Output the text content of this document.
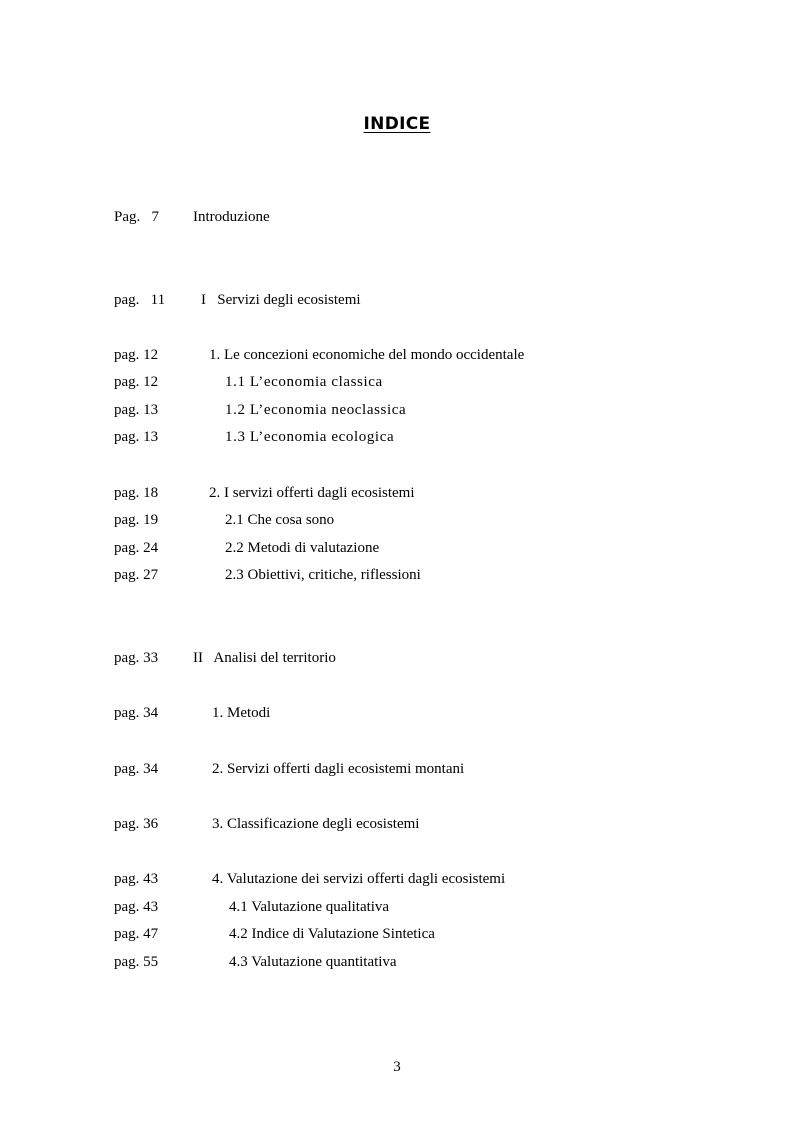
INDICE
Pag.   7 Introduzione
pag.   11 I   Servizi degli ecosistemi
pag. 12	1. Le concezioni economiche del mondo occidentale
pag. 12	1.1 L’economia classica
pag. 13	1.2 L’economia neoclassica
pag. 13	1.3 L’economia ecologica
pag. 18	2. I servizi offerti dagli ecosistemi
pag. 19	2.1 Che cosa sono
pag. 24	2.2 Metodi di valutazione
pag. 27	2.3 Obiettivi, critiche, riflessioni
pag. 33 II   Analisi del territorio
pag. 34	1. Metodi
pag. 34	2. Servizi offerti dagli ecosistemi montani
pag. 36	3. Classificazione degli ecosistemi
pag. 43	4. Valutazione dei servizi offerti dagli ecosistemi
pag. 43	4.1 Valutazione qualitativa
pag. 47	4.2 Indice di Valutazione Sintetica
pag. 55	4.3 Valutazione quantitativa
3
